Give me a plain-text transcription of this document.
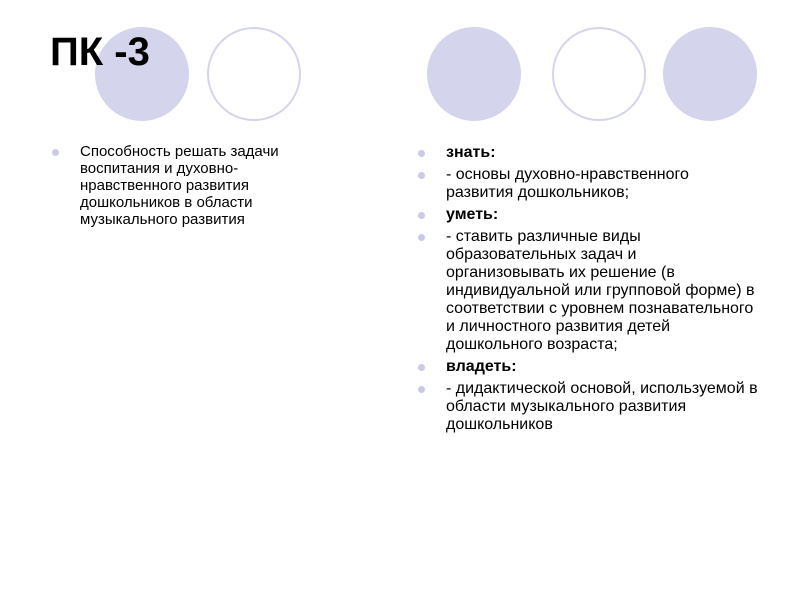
ПК -3
Способность решать задачи воспитания и духовно-нравственного развития дошкольников в области музыкального развития
знать:
- основы духовно-нравственного развития дошкольников;
уметь:
- ставить различные виды образовательных задач и организовывать их решение (в индивидуальной или групповой форме) в соответствии с уровнем познавательного и личностного развития детей дошкольного возраста;
владеть:
- дидактической основой, используемой в области музыкального развития дошкольников
